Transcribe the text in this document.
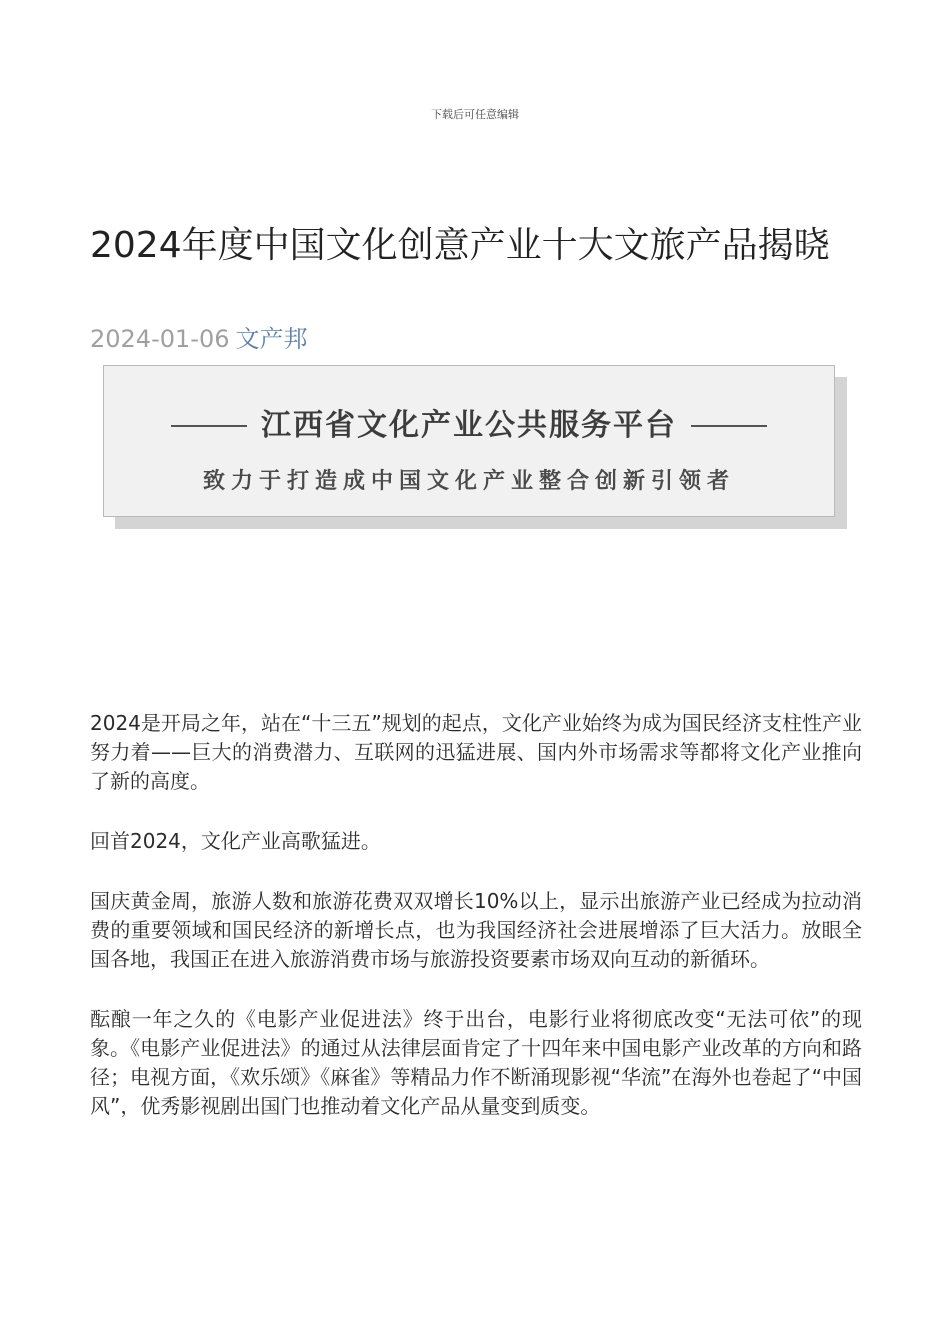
下载后可任意编辑
2024年度中国文化创意产业十大文旅产品揭晓
2024-01-06 文产邦
江西省文化产业公共服务平台
致力于打造成中国文化产业整合创新引领者

2024是开局之年，站在“十三五”规划的起点，文化产业始终为成为国民经济支柱性产业努力着——巨大的消费潜力、互联网的迅猛进展、国内外市场需求等都将文化产业推向了新的高度。

回首2024，文化产业高歌猛进。

国庆黄金周，旅游人数和旅游花费双双增长10%以上，显示出旅游产业已经成为拉动消费的重要领域和国民经济的新增长点，也为我国经济社会进展增添了巨大活力。放眼全国各地，我国正在进入旅游消费市场与旅游投资要素市场双向互动的新循环。

酝酿一年之久的《电影产业促进法》终于出台，电影行业将彻底改变“无法可依”的现象。《电影产业促进法》的通过从法律层面肯定了十四年来中国电影产业改革的方向和路径；电视方面，《欢乐颂》《麻雀》等精品力作不断涌现影视“华流”在海外也卷起了“中国风”，优秀影视剧出国门也推动着文化产品从量变到质变。
